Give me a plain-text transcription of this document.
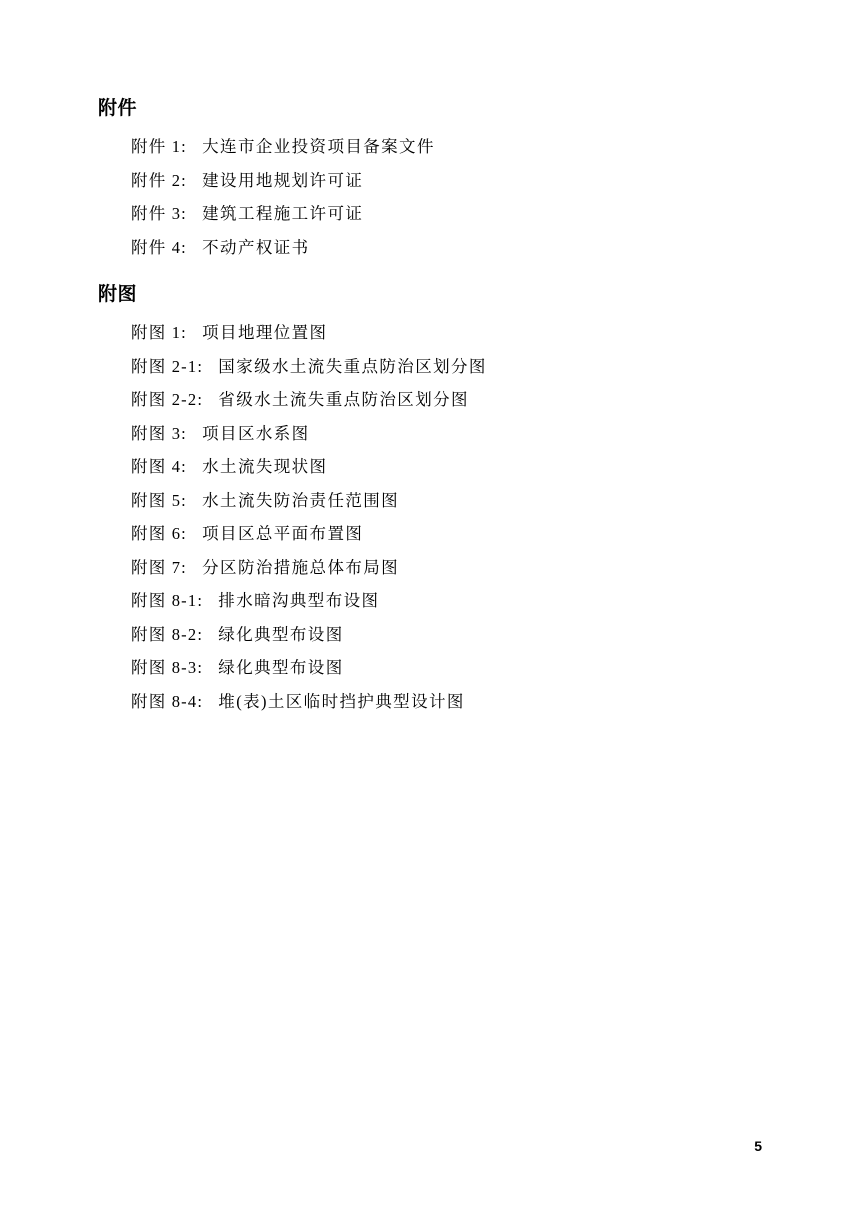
附件
附件 1: 大连市企业投资项目备案文件
附件 2: 建设用地规划许可证
附件 3: 建筑工程施工许可证
附件 4: 不动产权证书
附图
附图 1: 项目地理位置图
附图 2-1: 国家级水土流失重点防治区划分图
附图 2-2: 省级水土流失重点防治区划分图
附图 3: 项目区水系图
附图 4: 水土流失现状图
附图 5: 水土流失防治责任范围图
附图 6: 项目区总平面布置图
附图 7: 分区防治措施总体布局图
附图 8-1: 排水暗沟典型布设图
附图 8-2: 绿化典型布设图
附图 8-3: 绿化典型布设图
附图 8-4: 堆(表)土区临时挡护典型设计图
5
